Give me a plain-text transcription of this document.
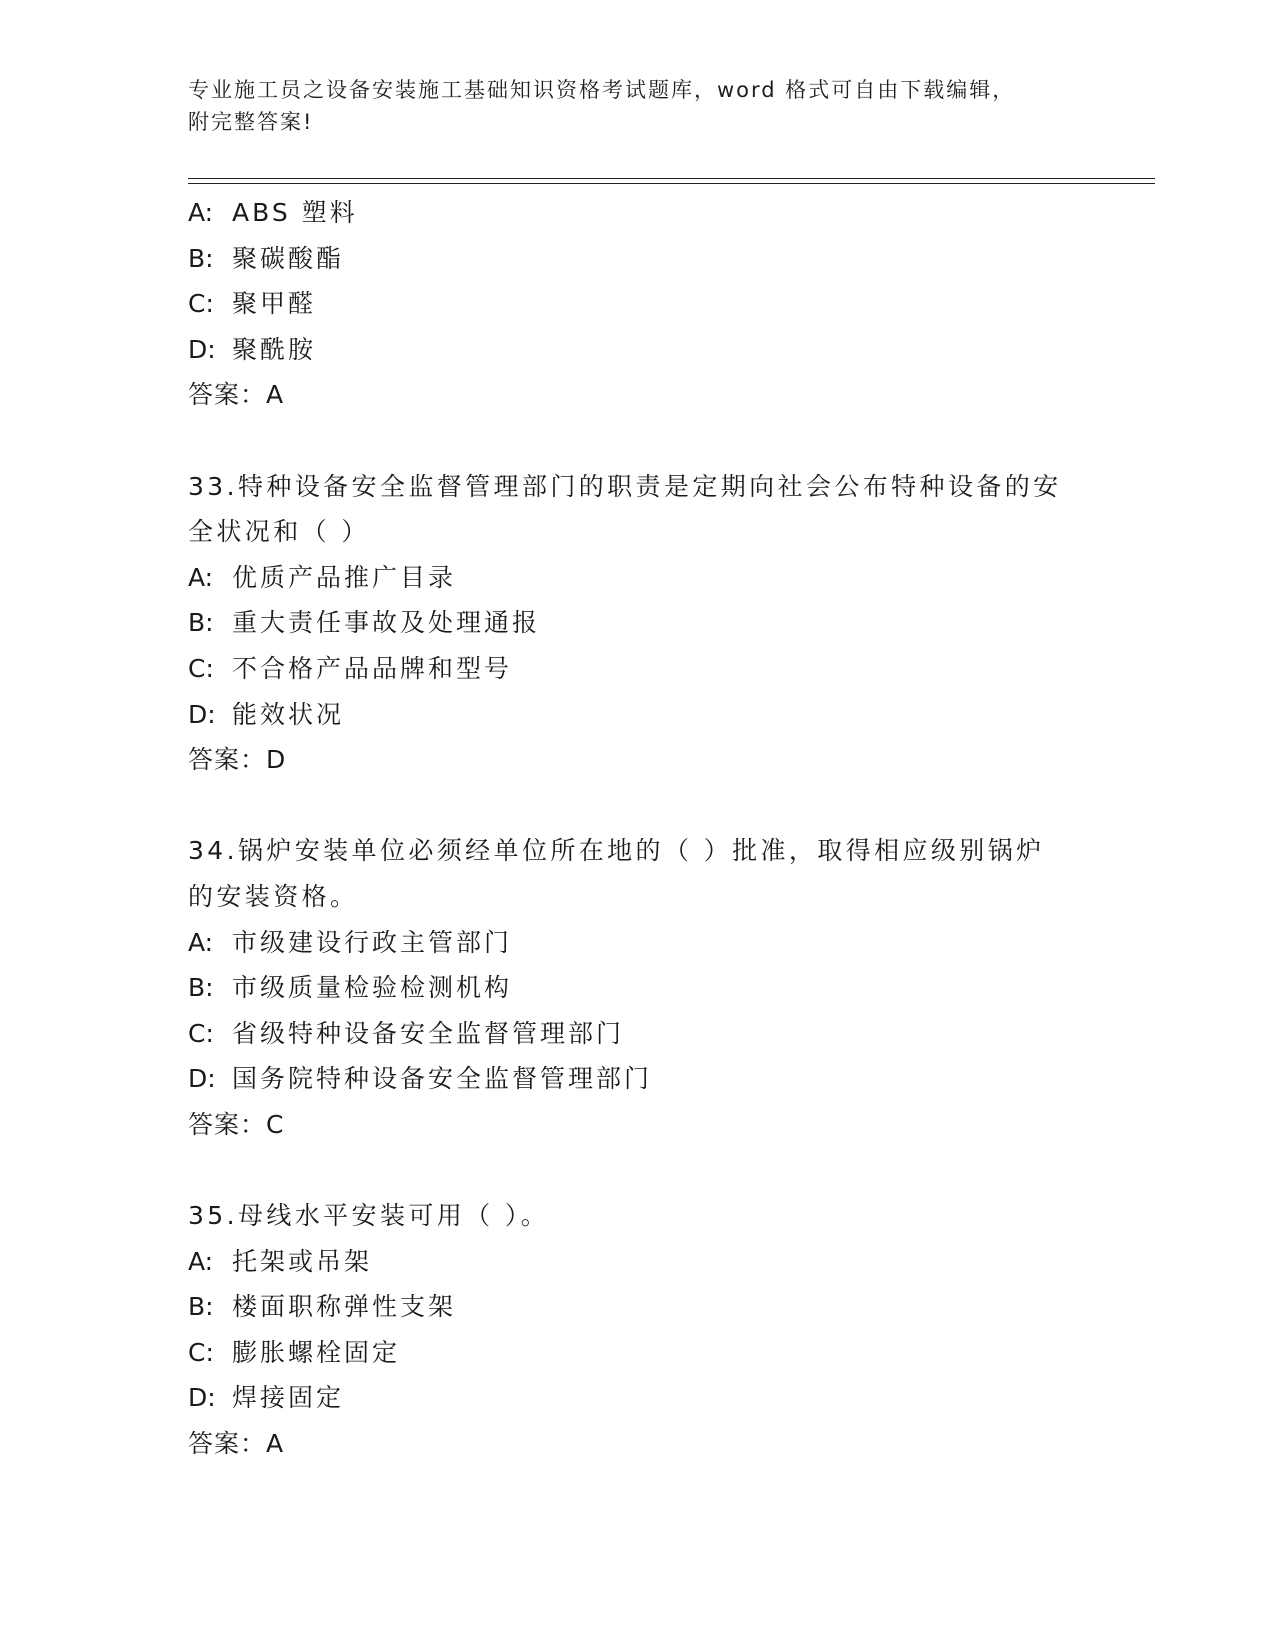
专业施工员之设备安装施工基础知识资格考试题库，word 格式可自由下载编辑，
附完整答案!
A: ABS 塑料
B: 聚碳酸酯
C: 聚甲醛
D: 聚酰胺
答案：A
33.特种设备安全监督管理部门的职责是定期向社会公布特种设备的安
全状况和（ ）
A: 优质产品推广目录
B: 重大责任事故及处理通报
C: 不合格产品品牌和型号
D: 能效状况
答案：D
34.锅炉安装单位必须经单位所在地的（ ）批准，取得相应级别锅炉
的安装资格。
A: 市级建设行政主管部门
B: 市级质量检验检测机构
C: 省级特种设备安全监督管理部门
D: 国务院特种设备安全监督管理部门
答案：C
35.母线水平安装可用（ ）。
A: 托架或吊架
B: 楼面职称弹性支架
C: 膨胀螺栓固定
D: 焊接固定
答案：A
